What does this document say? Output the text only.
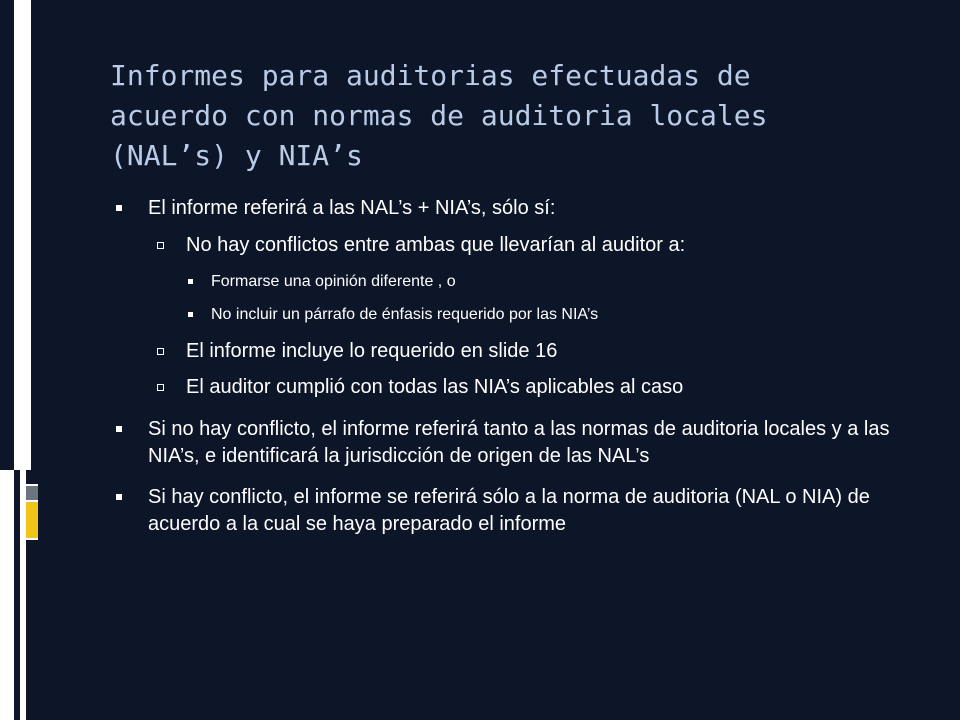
Informes para auditorias efectuadas de acuerdo con normas de auditoria locales (NAL’s) y NIA’s
El informe referirá a las NAL’s + NIA’s, sólo sí:
No hay conflictos entre ambas que llevarían al auditor a:
Formarse una opinión diferente , o
No incluir un párrafo de énfasis requerido por las NIA’s
El informe incluye lo requerido en slide 16
El auditor cumplió con todas las NIA’s aplicables al caso
Si no hay conflicto, el informe referirá tanto a las normas de auditoria locales y a las NIA’s, e identificará la jurisdicción de origen de las NAL’s
Si hay conflicto, el informe se referirá sólo a la norma de auditoria (NAL o NIA) de acuerdo a la cual se haya preparado el informe
